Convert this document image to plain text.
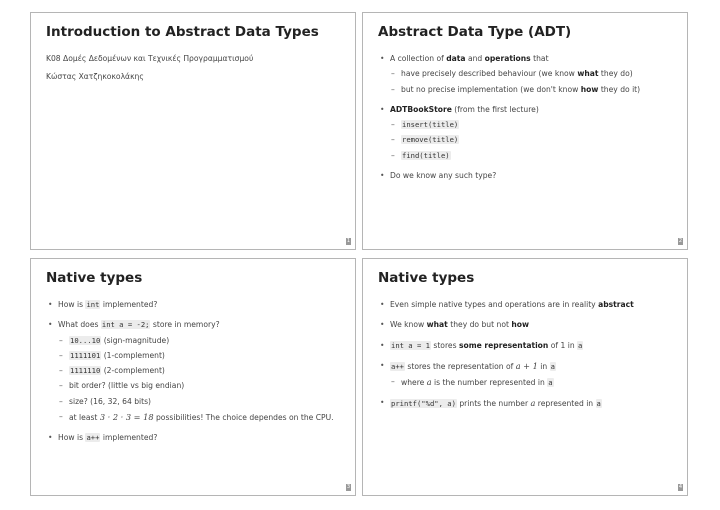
Introduction to Abstract Data Types
K08 Δομές Δεδομένων και Τεχνικές Προγραμματισμού
Κώστας Χατζηκοκολάκης
1
Abstract Data Type (ADT)
• A collection of data and operations that
– have precisely described behaviour (we know what they do)
– but no precise implementation (we don't know how they do it)
• ADTBookStore (from the first lecture)
– insert(title)
– remove(title)
– find(title)
• Do we know any such type?
2
Native types
• How is int implemented?
• What does int a = -2; store in memory?
– 10...10 (sign-magnitude)
– 1111101 (1-complement)
– 1111110 (2-complement)
– bit order? (little vs big endian)
– size? (16, 32, 64 bits)
– at least 3 · 2 · 3 = 18 possibilities! The choice dependes on the CPU.
• How is a++ implemented?
3
Native types
• Even simple native types and operations are in reality abstract
• We know what they do but not how
• int a = 1 stores some representation of 1 in a
• a++ stores the representation of a + 1 in a
– where a is the number represented in a
• printf("%d", a) prints the number a represented in a
4
